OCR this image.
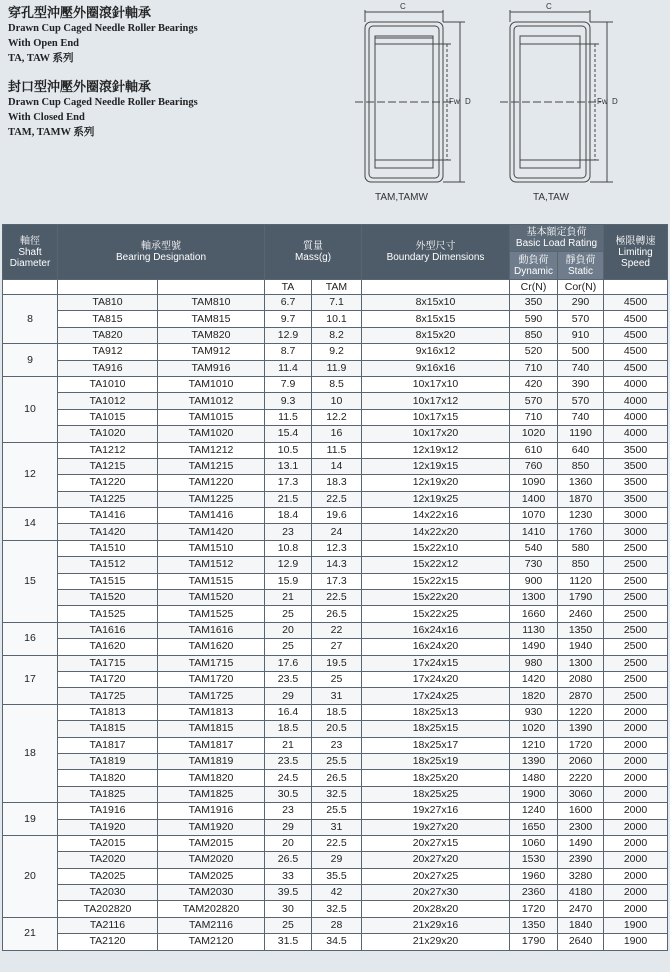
穿孔型沖壓外圈滾針軸承
Drawn Cup Caged Needle Roller Bearings
With Open End
TA, TAW 系列
封口型沖壓外圈滾針軸承
Drawn Cup Caged Needle Roller Bearings
With Closed End
TAM, TAMW 系列
C	C
Fw D	Fw D
TAM,TAMW	TA,TAW
軸徑
Shaft
Diameter	軸承型號
Bearing Designation		質量
Mass(g)		外型尺寸
Boundary Dimensions	基本額定負荷
Basic Load Rating		極限轉速
Limiting
Speed

						動負荷
Dynamic	靜負荷
Static	

			TA	TAM		Cr(N)	Cor(N)	
8	TA810	TAM810	6.7	7.1	8x15x10	350	290	4500
	TA815	TAM815	9.7	10.1	8x15x15	590	570	4500
	TA820	TAM820	12.9	8.2	8x15x20	850	910	4500
9	TA912	TAM912	8.7	9.2	9x16x12	520	500	4500
	TA916	TAM916	11.4	11.9	9x16x16	710	740	4500
10	TA1010	TAM1010	7.9	8.5	10x17x10	420	390	4000
	TA1012	TAM1012	9.3	10	10x17x12	570	570	4000
	TA1015	TAM1015	11.5	12.2	10x17x15	710	740	4000
	TA1020	TAM1020	15.4	16	10x17x20	1020	1190	4000
12	TA1212	TAM1212	10.5	11.5	12x19x12	610	640	3500
	TA1215	TAM1215	13.1	14	12x19x15	760	850	3500
	TA1220	TAM1220	17.3	18.3	12x19x20	1090	1360	3500
	TA1225	TAM1225	21.5	22.5	12x19x25	1400	1870	3500
14	TA1416	TAM1416	18.4	19.6	14x22x16	1070	1230	3000
	TA1420	TAM1420	23	24	14x22x20	1410	1760	3000
15	TA1510	TAM1510	10.8	12.3	15x22x10	540	580	2500
	TA1512	TAM1512	12.9	14.3	15x22x12	730	850	2500
	TA1515	TAM1515	15.9	17.3	15x22x15	900	1120	2500
	TA1520	TAM1520	21	22.5	15x22x20	1300	1790	2500
	TA1525	TAM1525	25	26.5	15x22x25	1660	2460	2500
16	TA1616	TAM1616	20	22	16x24x16	1130	1350	2500
	TA1620	TAM1620	25	27	16x24x20	1490	1940	2500
17	TA1715	TAM1715	17.6	19.5	17x24x15	980	1300	2500
	TA1720	TAM1720	23.5	25	17x24x20	1420	2080	2500
	TA1725	TAM1725	29	31	17x24x25	1820	2870	2500
18	TA1813	TAM1813	16.4	18.5	18x25x13	930	1220	2000
	TA1815	TAM1815	18.5	20.5	18x25x15	1020	1390	2000
	TA1817	TAM1817	21	23	18x25x17	1210	1720	2000
	TA1819	TAM1819	23.5	25.5	18x25x19	1390	2060	2000
	TA1820	TAM1820	24.5	26.5	18x25x20	1480	2220	2000
	TA1825	TAM1825	30.5	32.5	18x25x25	1900	3060	2000
19	TA1916	TAM1916	23	25.5	19x27x16	1240	1600	2000
	TA1920	TAM1920	29	31	19x27x20	1650	2300	2000
20	TA2015	TAM2015	20	22.5	20x27x15	1060	1490	2000
	TA2020	TAM2020	26.5	29	20x27x20	1530	2390	2000
	TA2025	TAM2025	33	35.5	20x27x25	1960	3280	2000
	TA2030	TAM2030	39.5	42	20x27x30	2360	4180	2000
	TA202820	TAM202820	30	32.5	20x28x20	1720	2470	2000
21	TA2116	TAM2116	25	28	21x29x16	1350	1840	1900
	TA2120	TAM2120	31.5	34.5	21x29x20	1790	2640	1900
